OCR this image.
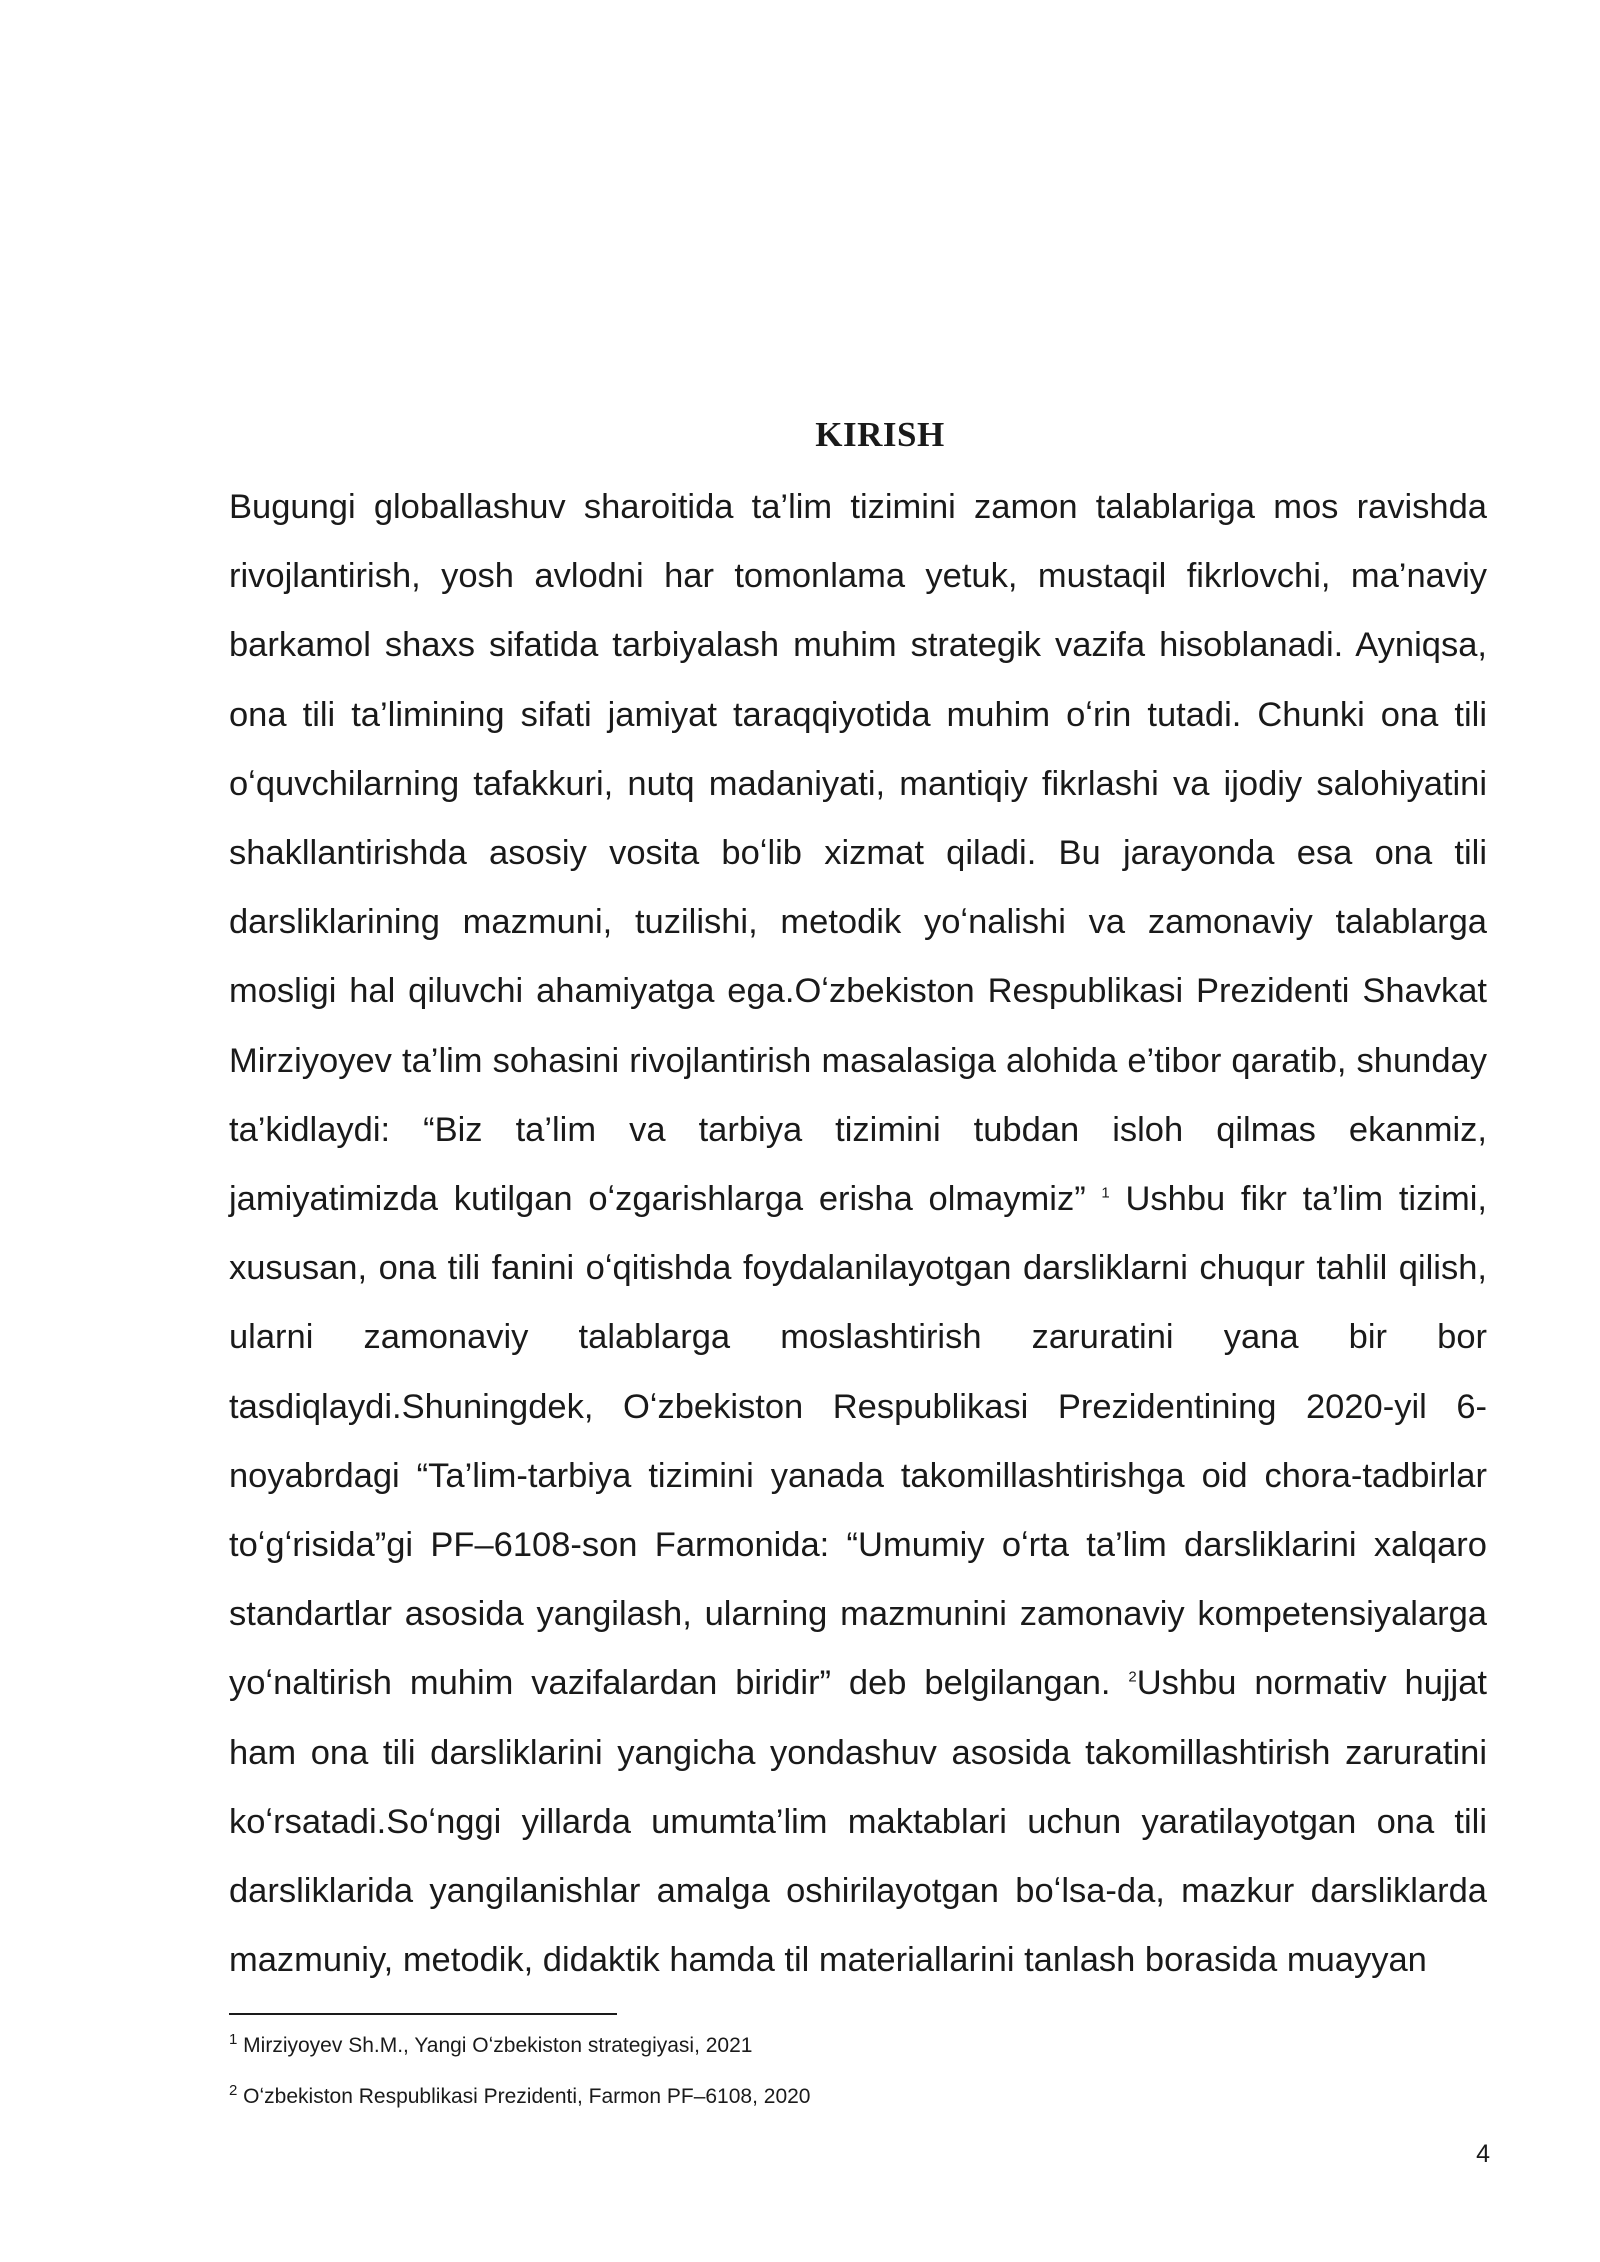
KIRISH

Bugungi globallashuv sharoitida ta’lim tizimini zamon talablariga mos ravishda rivojlantirish, yosh avlodni har tomonlama yetuk, mustaqil fikrlovchi, ma’naviy barkamol shaxs sifatida tarbiyalash muhim strategik vazifa hisoblanadi. Ayniqsa, ona tili ta’limining sifati jamiyat taraqqiyotida muhim oʻrin tutadi. Chunki ona tili oʻquvchilarning tafakkuri, nutq madaniyati, mantiqiy fikrlashi va ijodiy salohiyatini shakllantirishda asosiy vosita boʻlib xizmat qiladi. Bu jarayonda esa ona tili darsliklarining mazmuni, tuzilishi, metodik yoʻnalishi va zamonaviy talablarga mosligi hal qiluvchi ahamiyatga ega.Oʻzbekiston Respublikasi Prezidenti Shavkat Mirziyoyev ta’lim sohasini rivojlantirish masalasiga alohida e’tibor qaratib, shunday ta’kidlaydi: “Biz ta’lim va tarbiya tizimini tubdan isloh qilmas ekanmiz, jamiyatimizda kutilgan oʻzgarishlarga erisha olmaymiz” $^1$ Ushbu fikr ta’lim tizimi, xususan, ona tili fanini oʻqitishda foydalanilayotgan darsliklarni chuqur tahlil qilish, ularni zamonaviy talablarga moslashtirish zaruratini yana bir bor tasdiqlaydi.Shuningdek, Oʻzbekiston Respublikasi Prezidentining 2020-yil 6-noyabrdagi “Ta’lim-tarbiya tizimini yanada takomillashtirishga oid chora-tadbirlar toʻgʻrisida”gi PF–6108-son Farmonida: “Umumiy oʻrta ta’lim darsliklarini xalqaro standartlar asosida yangilash, ularning mazmunini zamonaviy kompetensiyalarga yoʻnaltirish muhim vazifalardan biridir” deb belgilangan. $^2$Ushbu normativ hujjat ham ona tili darsliklarini yangicha yondashuv asosida takomillashtirish zaruratini koʻrsatadi.Soʻnggi yillarda umumta’lim maktablari uchun yaratilayotgan ona tili darsliklarida yangilanishlar amalga oshirilayotgan boʻlsa-da, mazkur darsliklarda mazmuniy, metodik, didaktik hamda til materiallarini tanlash borasida muayyan

$^1$ Mirziyoyev Sh.M., Yangi Oʻzbekiston strategiyasi, 2021
$^2$ Oʻzbekiston Respublikasi Prezidenti, Farmon PF–6108, 2020
4
